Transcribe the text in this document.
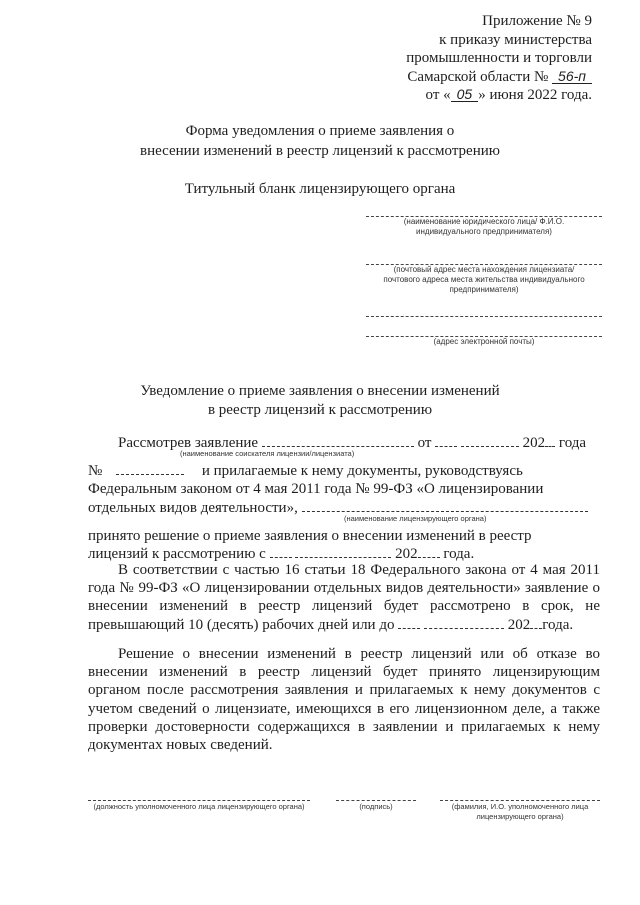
Приложение № 9
к приказу министерства
промышленности и торговли
Самарской области № 56-п
от « 05 » июня 2022 года.
Форма уведомления о приеме заявления о
внесении изменений в реестр лицензий к рассмотрению
Титульный бланк лицензирующего органа
(наименование юридического лица/ Ф.И.О.
индивидуального предпринимателя)
(почтовый адрес места нахождения лицензиата/
почтового адреса места жительства индивидуального
предпринимателя)
(адрес электронной почты)
Уведомление о приеме заявления о внесении изменений
в реестр лицензий к рассмотрению
Рассмотрев заявление	от	202 года
(наименование соискателя лицензии/лицензиата)
№	и прилагаемые к нему документы, руководствуясь
Федеральным законом от 4 мая 2011 года № 99-ФЗ «О лицензировании
отдельных видов деятельности»,
(наименование лицензирующего органа)
принято решение о приеме заявления о внесении изменений в реестр
лицензий к рассмотрению с	202 года.
В соответствии с частью 16 статьи 18 Федерального закона от 4 мая 2011 года № 99-ФЗ «О лицензировании отдельных видов деятельности» заявление о внесении изменений в реестр лицензий будет рассмотрено в срок, не превышающий 10 (десять) рабочих дней или до	202 года.
Решение о внесении изменений в реестр лицензий или об отказе во внесении изменений в реестр лицензий будет принято лицензирующим органом после рассмотрения заявления и прилагаемых к нему документов с учетом сведений о лицензиате, имеющихся в его лицензионном деле, а также проверки достоверности содержащихся в заявлении и прилагаемых к нему документах новых сведений.
(должность уполномоченного лица лицензирующего органа)	(подпись)	(фамилия, И.О. уполномоченного лица
лицензирующего органа)
